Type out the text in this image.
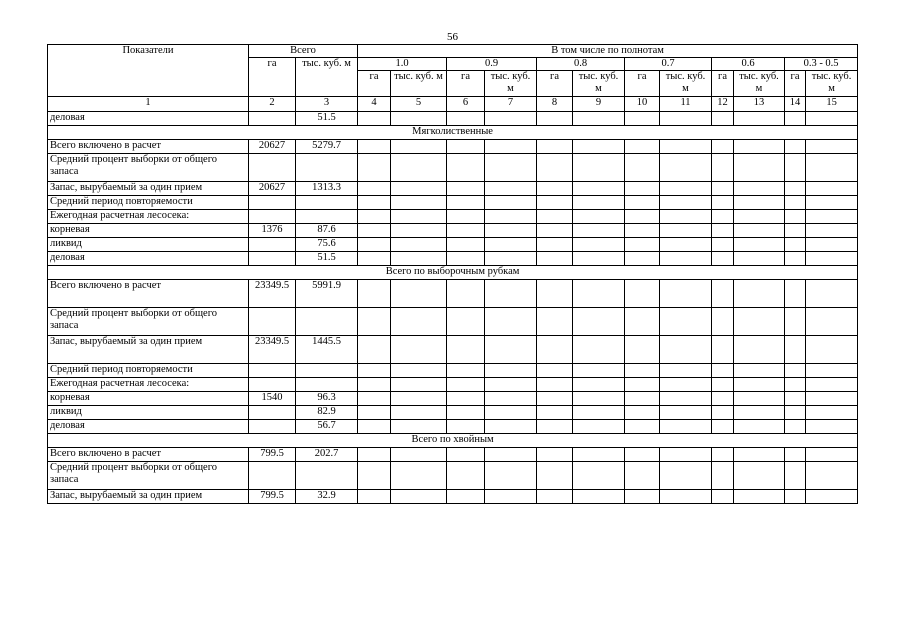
56
Показатели	Всего		В том числе по полнотам											
	га	тыс. куб. м	1.0		0.9		0.8		0.7		0.6		0.3 - 0.5	
			га	тыс. куб. м	га	тыс. куб. м	га	тыс. куб. м	га	тыс. куб. м	га	тыс. куб. м	га	тыс. куб. м
1	2	3	4	5	6	7	8	9	10	11	12	13	14	15
деловая		51.5												
Мягколиственные														
Всего включено в расчет	20627	5279.7												
Средний процент выборки от общего запаса														
Запас, вырубаемый за один прием	20627	1313.3												
Средний период повторяемости														
Ежегодная расчетная лесосека:														
корневая	1376	87.6												
ликвид		75.6												
деловая		51.5												
Всего по выборочным рубкам														
Всего включено в расчет	23349.5	5991.9												
Средний процент выборки от общего запаса														
Запас, вырубаемый за один прием	23349.5	1445.5												
Средний период повторяемости														
Ежегодная расчетная лесосека:														
корневая	1540	96.3												
ликвид		82.9												
деловая		56.7												
Всего по хвойным														
Всего включено в расчет	799.5	202.7												
Средний процент выборки от общего запаса														
Запас, вырубаемый за один прием	799.5	32.9												
